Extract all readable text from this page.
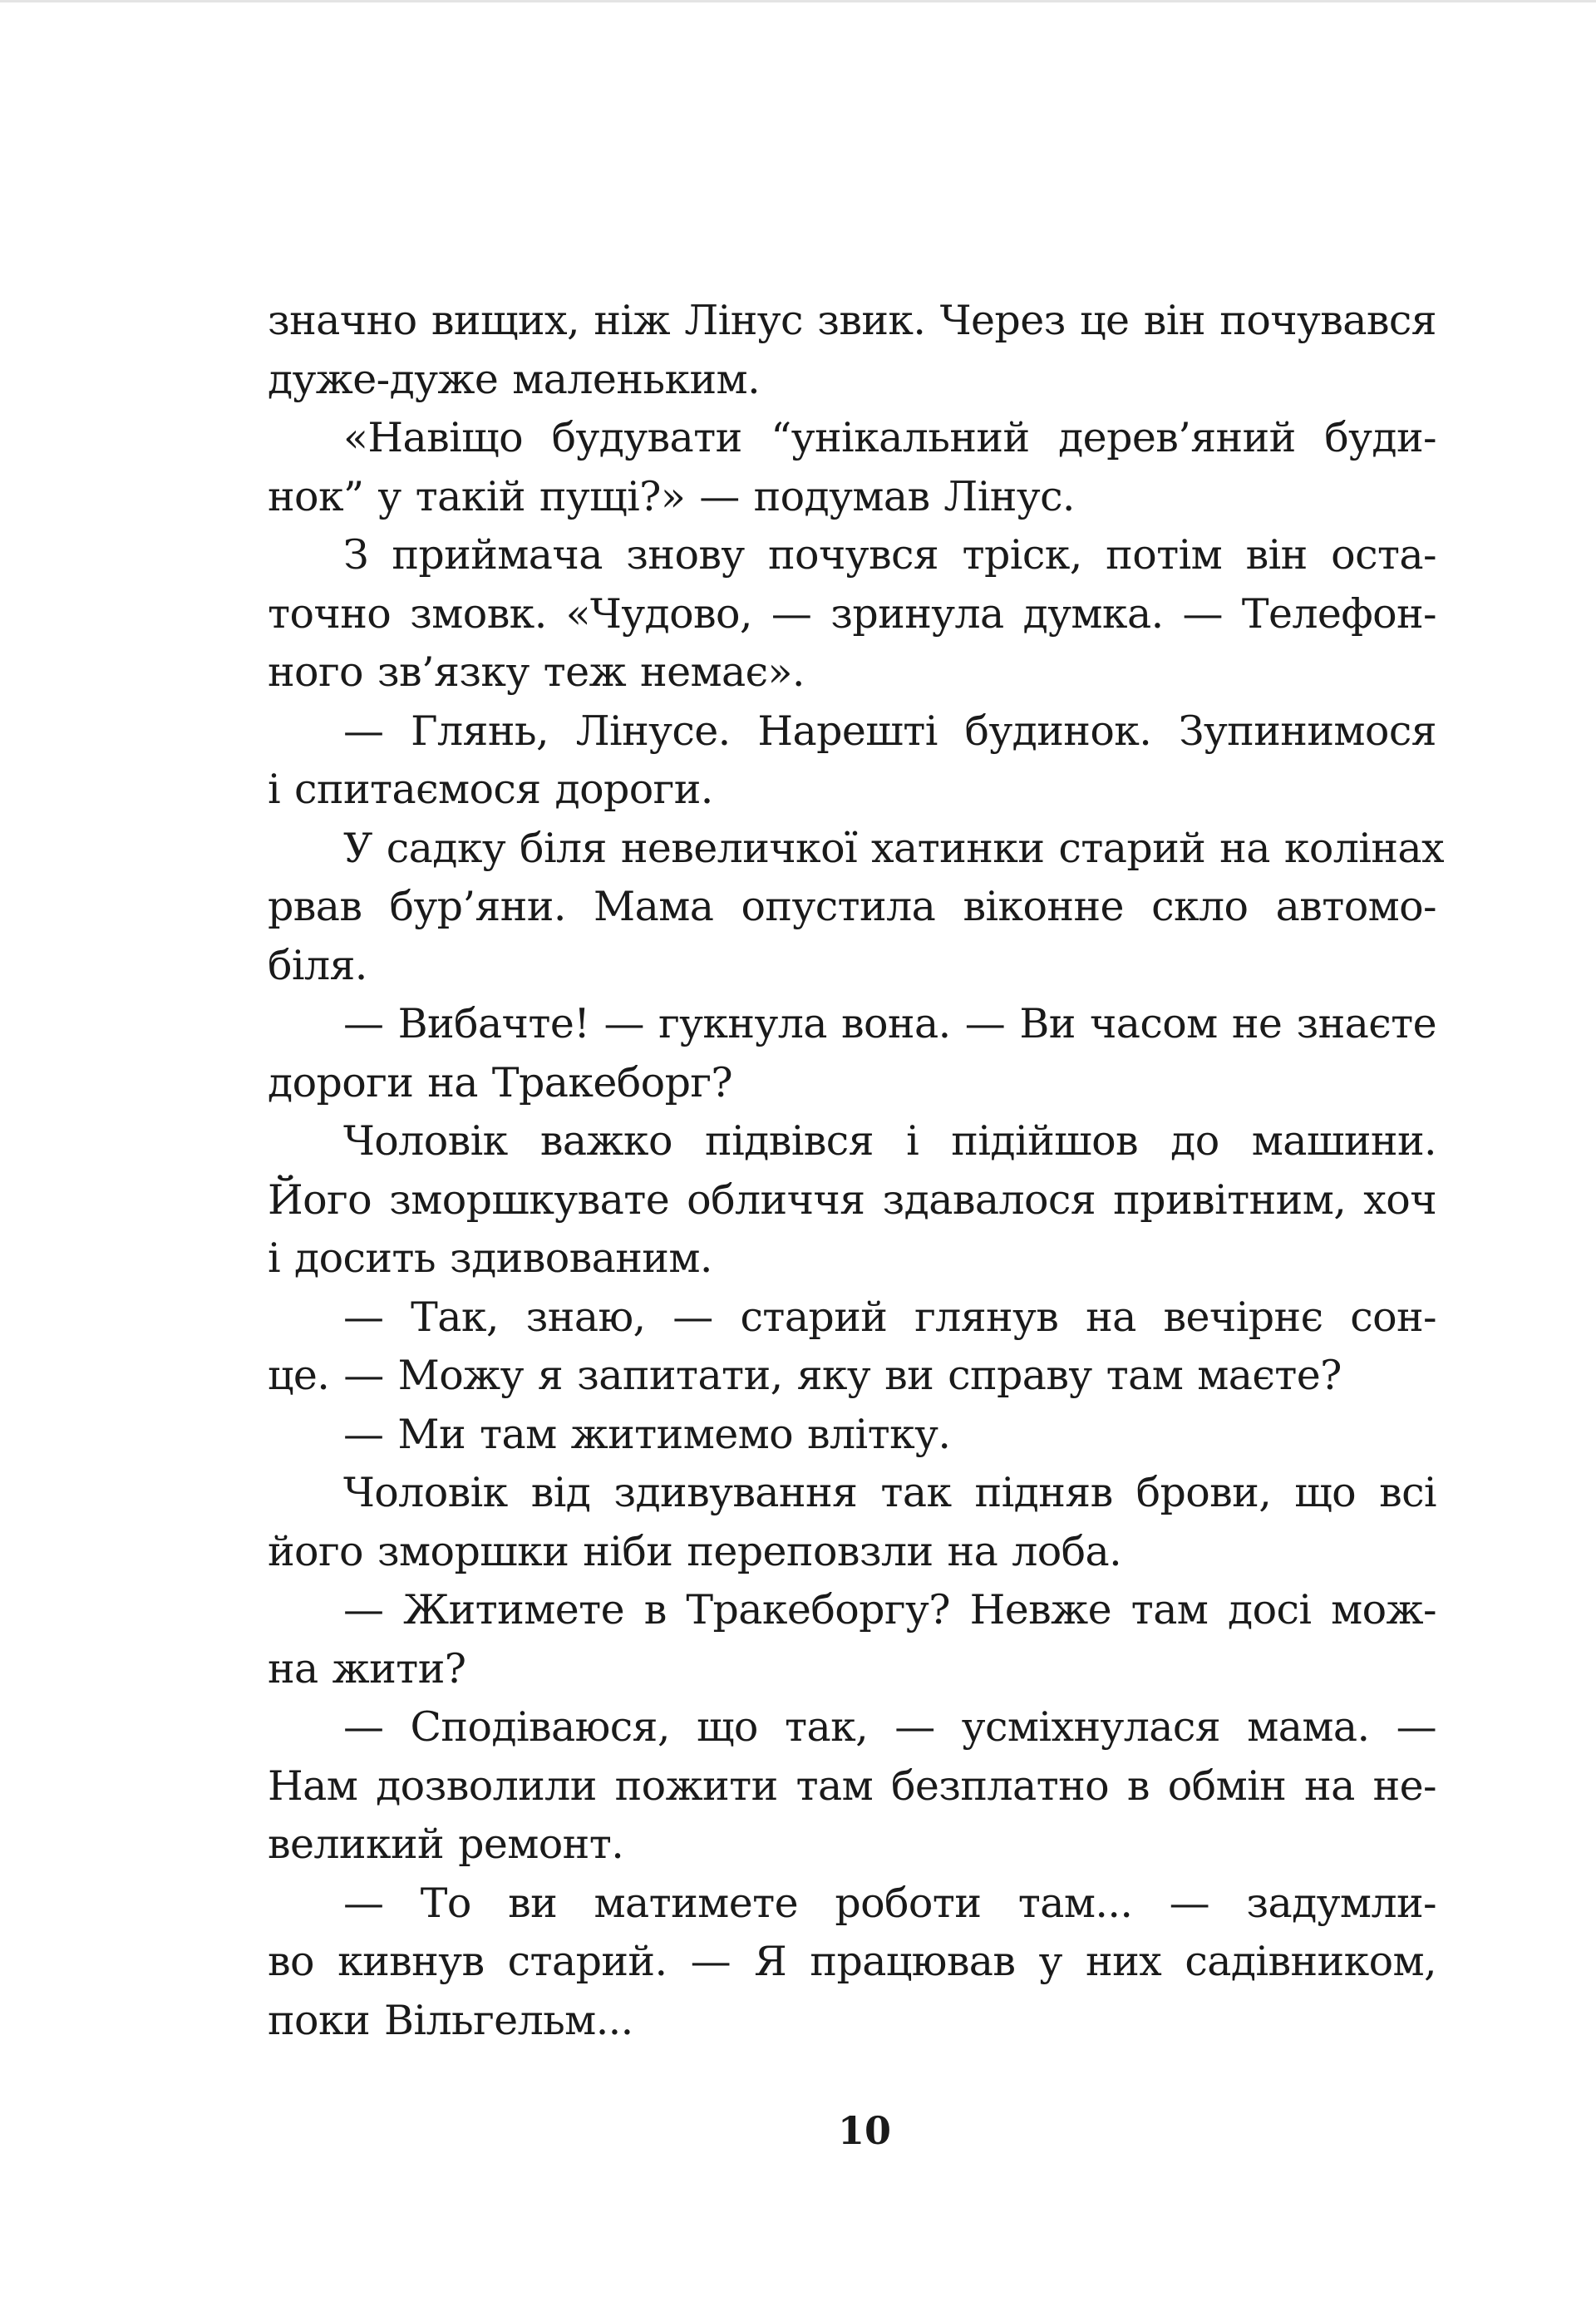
значно вищих, ніж Лінус звик. Через це він почувався
дуже-дуже маленьким.
«Навіщо будувати “унікальний дерев’яний буди-
нок” у такій пущі?» — подумав Лінус.
З приймача знову почувся тріск, потім він оста-
точно змовк. «Чудово, — зринула думка. — Телефон-
ного зв’язку теж немає».
— Глянь, Лінусе. Нарешті будинок. Зупинимося
і спитаємося дороги.
У садку біля невеличкої хатинки старий на колінах
рвав бур’яни. Мама опустила віконне скло автомо-
біля.
— Вибачте! — гукнула вона. — Ви часом не знаєте
дороги на Тракеборг?
Чоловік важко підвівся і підійшов до машини.
Його зморшкувате обличчя здавалося привітним, хоч
і досить здивованим.
— Так, знаю, — старий глянув на вечірнє сон-
це. — Можу я запитати, яку ви справу там маєте?
— Ми там житимемо влітку.
Чоловік від здивування так підняв брови, що всі
його зморшки ніби переповзли на лоба.
— Житимете в Тракеборгу? Невже там досі мож-
на жити?
— Сподіваюся, що так, — усміхнулася мама. —
Нам дозволили пожити там безплатно в обмін на не-
великий ремонт.
— То ви матимете роботи там... — задумли-
во кивнув старий. — Я працював у них садівником,
поки Вільгельм...
10
